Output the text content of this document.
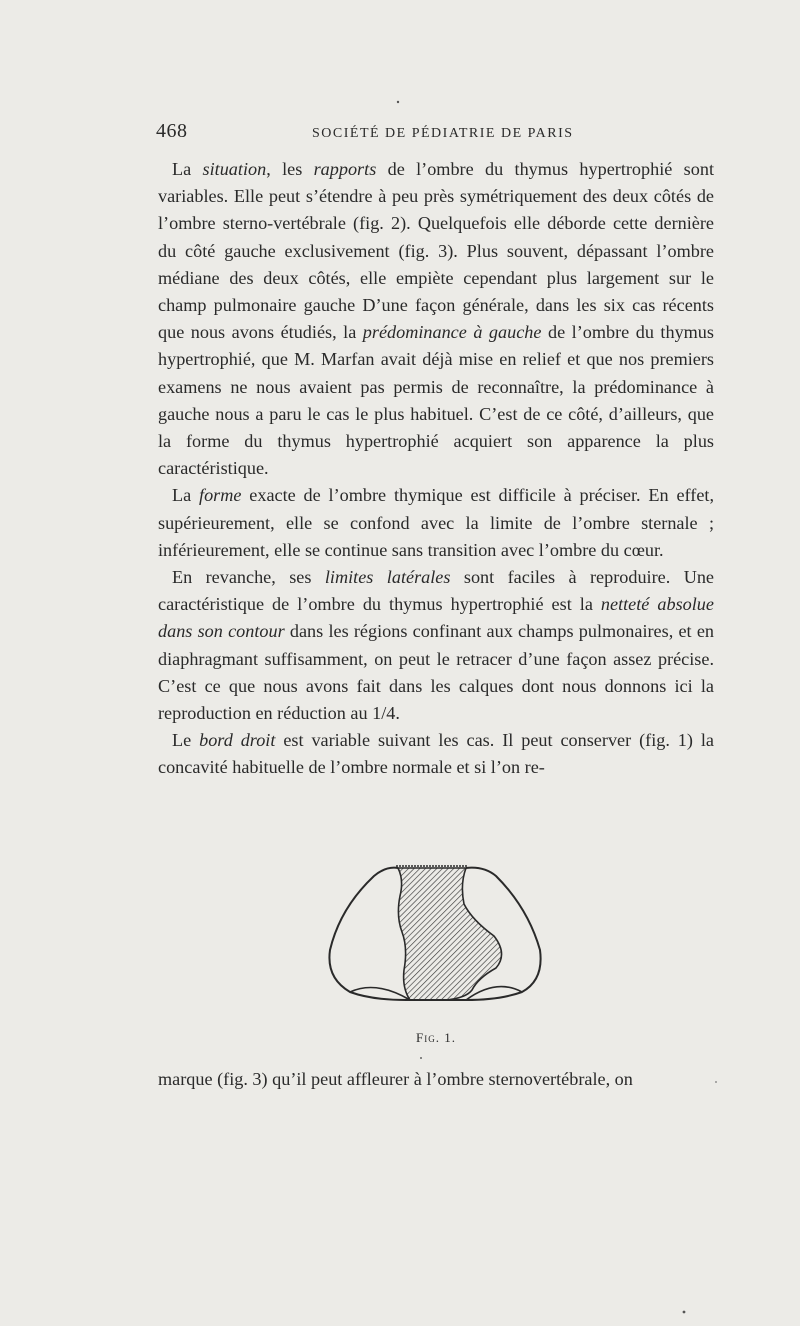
468	SOCIÉTÉ DE PÉDIATRIE DE PARIS

La situation, les rapports de l’ombre du thymus hypertrophié sont variables. Elle peut s’étendre à peu près symétriquement des deux côtés de l’ombre sterno-vertébrale (fig. 2). Quelquefois elle déborde cette dernière du côté gauche exclusivement (fig. 3). Plus souvent, dépassant l’ombre médiane des deux côtés, elle empiète cependant plus largement sur le champ pulmonaire gauche D’une façon générale, dans les six cas récents que nous avons étudiés, la prédominance à gauche de l’ombre du thymus hypertrophié, que M. Marfan avait déjà mise en relief et que nos premiers examens ne nous avaient pas permis de reconnaître, la prédominance à gauche nous a paru le cas le plus habituel. C’est de ce côté, d’ailleurs, que la forme du thymus hypertrophié acquiert son apparence la plus caractéristique.

La forme exacte de l’ombre thymique est difficile à préciser. En effet, supérieurement, elle se confond avec la limite de l’ombre sternale ; inférieurement, elle se continue sans transition avec l’ombre du cœur.

En revanche, ses limites latérales sont faciles à reproduire. Une caractéristique de l’ombre du thymus hypertrophié est la netteté absolue dans son contour dans les régions confinant aux champs pulmonaires, et en diaphragmant suffisamment, on peut le retracer d’une façon assez précise. C’est ce que nous avons fait dans les calques dont nous donnons ici la reproduction en réduction au 1/4.

Le bord droit est variable suivant les cas. Il peut conserver (fig. 1) la concavité habituelle de l’ombre normale et si l’on re-

Fig. 1.

marque (fig. 3) qu’il peut affleurer à l’ombre sternovertébrale, on
